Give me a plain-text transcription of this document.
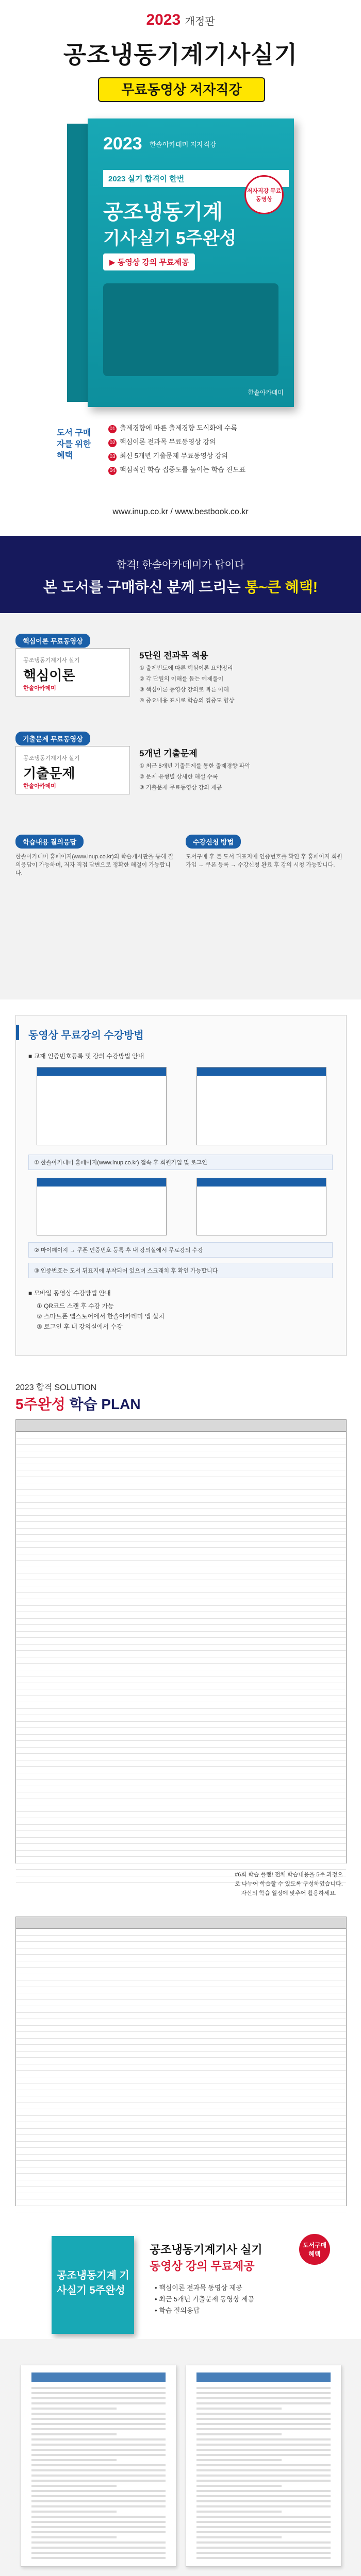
2023 개정판
공조냉동기계기사실기
무료동영상 저자직강
2023 한솔아카데미 저자직강
2023 실기 합격이 한번
저자직강 무료동영상
공조냉동기계
기사실기 5주완성
▶ 동영상 강의 무료제공
한솔아카데미
도서 구매자를 위한 혜택
01 출제경향에 따른 출제경향 도식화에 수록
02 핵심이론 전과목 무료동영상 강의
03 최신 5개년 기출문제 무료동영상 강의
04 핵심적인 학습 집중도를 높이는 학습 진도표
www.inup.co.kr / www.bestbook.co.kr
합격! 한솔아카데미가 답이다
본 도서를 구매하신 분께 드리는 통~큰 혜택!
핵심이론 무료동영상
공조냉동기계기사 실기
핵심이론
한솔아카데미
5단원 전과목 적용
① 출제빈도에 따른 핵심이론 요약정리
② 각 단원의 이해를 돕는 예제풀이
③ 핵심이론 동영상 강의로 빠른 이해
④ 중요내용 표시로 학습의 집중도 향상
기출문제 무료동영상
공조냉동기계기사 실기
기출문제
한솔아카데미
5개년 기출문제
① 최근 5개년 기출문제를 통한 출제경향 파악
② 문제 유형별 상세한 해설 수록
③ 기출문제 무료동영상 강의 제공
학습내용 질의응답
한솔아카데미 홈페이지(www.inup.co.kr)의 학습게시판을 통해 질의응답이 가능하며, 저자 직접 답변으로 정확한 해결이 가능합니다.
수강신청 방법
도서구매 후 본 도서 뒤표지에 인증번호를 확인 후 홈페이지 회원가입 → 쿠폰 등록 → 수강신청 완료 후 강의 시청 가능합니다.
동영상 무료강의 수강방법
■ 교재 인증번호등록 및 강의 수강방법 안내
① 한솔아카데미 홈페이지(www.inup.co.kr) 접속 후 회원가입 및 로그인
② 마이페이지 → 쿠폰 인증번호 등록 후 내 강의실에서 무료강의 수강
③ 인증번호는 도서 뒤표지에 부착되어 있으며 스크래치 후 확인 가능합니다
■ 모바일 동영상 수강방법 안내
① QR코드 스캔 후 수강 가능
② 스마트폰 앱스토어에서 한솔아카데미 앱 설치
③ 로그인 후 내 강의실에서 수강
2023 합격 SOLUTION
5주완성 학습 PLAN
#6회 학습 플랜! 전체 학습내용을 5주 과정으로 나누어 학습할 수 있도록 구성하였습니다. 자신의 학습 일정에 맞추어 활용하세요.
공조냉동기계 기사실기 5주완성
공조냉동기계기사 실기
동영상 강의 무료제공
• 핵심이론 전과목 동영상 제공
• 최근 5개년 기출문제 동영상 제공
• 학습 질의응답
도서구매 혜택
